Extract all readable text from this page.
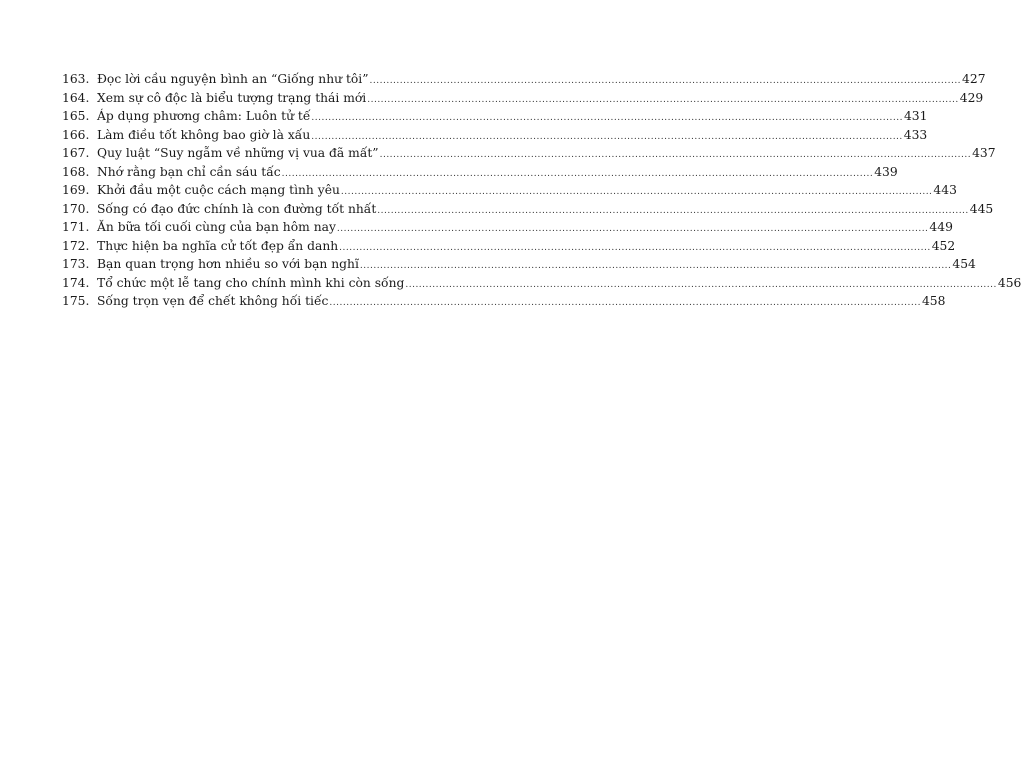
163. Đọc lời cầu nguyện bình an “Giống như tôi” .....	427
164. Xem sự cô độc là biểu tượng trạng thái mới .....	429
165. Áp dụng phương châm: Luôn tử tế .....	431
166. Làm điều tốt không bao giờ là xấu .....	433
167. Quy luật “Suy ngẫm về những vị vua đã mất” .....	437
168. Nhớ rằng bạn chỉ cần sáu tấc .....	439
169. Khởi đầu một cuộc cách mạng tình yêu .....	443
170. Sống có đạo đức chính là con đường tốt nhất .....	445
171. Ăn bữa tối cuối cùng của bạn hôm nay .....	449
172. Thực hiện ba nghĩa cử tốt đẹp ẩn danh .....	452
173. Bạn quan trọng hơn nhiều so với bạn nghĩ .....	454
174. Tổ chức một lễ tang cho chính mình khi còn sống .....	456
175. Sống trọn vẹn để chết không hối tiếc .....	458
